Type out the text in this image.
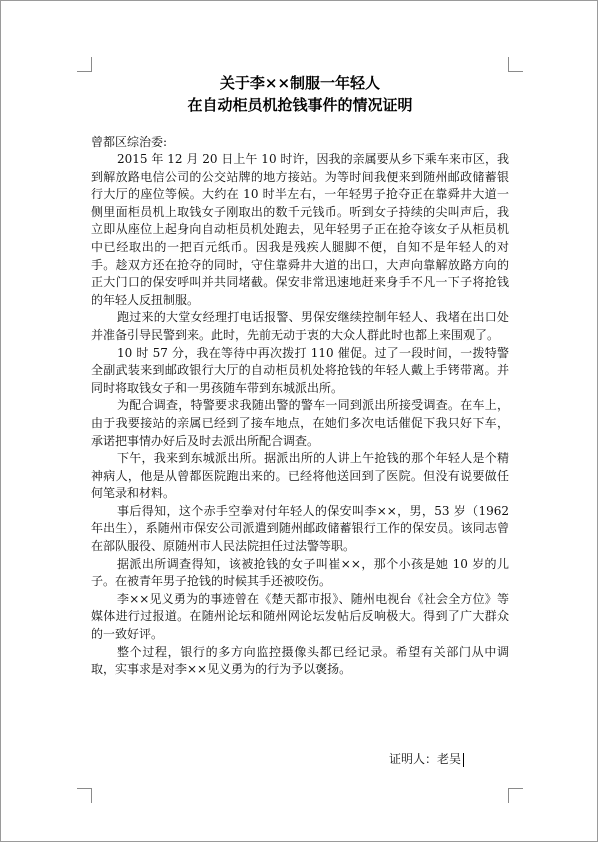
关于李××制服一年轻人
在自动柜员机抢钱事件的情况证明
曾都区综治委:

2015 年 12 月 20 日上午 10 时许，因我的亲属要从乡下乘车来市区，我到解放路电信公司的公交站牌的地方接站。为等时间我便来到随州邮政储蓄银行大厅的座位等候。大约在 10 时半左右，一年轻男子抢夺正在靠舜井大道一侧里面柜员机上取钱女子刚取出的数千元钱币。听到女子持续的尖叫声后，我立即从座位上起身向自动柜员机处跑去，见年轻男子正在抢夺该女子从柜员机中已经取出的一把百元纸币。因我是残疾人腿脚不便，自知不是年轻人的对手。趁双方还在抢夺的同时，守住靠舜井大道的出口，大声向靠解放路方向的正大门口的保安呼叫并共同堵截。保安非常迅速地赶来身手不凡一下子将抢钱的年轻人反扭制服。

跑过来的大堂女经理打电话报警、男保安继续控制年轻人、我堵在出口处并准备引导民警到来。此时，先前无动于衷的大众人群此时也都上来围观了。

10 时 57 分，我在等待中再次拨打 110 催促。过了一段时间，一拨特警全副武装来到邮政银行大厅的自动柜员机处将抢钱的年轻人戴上手铐带离。并同时将取钱女子和一男孩随车带到东城派出所。

为配合调查，特警要求我随出警的警车一同到派出所接受调查。在车上，由于我要接站的亲属已经到了接车地点，在她们多次电话催促下我只好下车，承诺把事情办好后及时去派出所配合调查。

下午，我来到东城派出所。据派出所的人讲上午抢钱的那个年轻人是个精神病人，他是从曾都医院跑出来的。已经将他送回到了医院。但没有说要做任何笔录和材料。

事后得知，这个赤手空拳对付年轻人的保安叫李××，男，53 岁（1962 年出生），系随州市保安公司派遣到随州邮政储蓄银行工作的保安员。该同志曾在部队服役、原随州市人民法院担任过法警等职。

据派出所调查得知，该被抢钱的女子叫崔××，那个小孩是她 10 岁的儿子。在被青年男子抢钱的时候其手还被咬伤。

李××见义勇为的事迹曾在《楚天都市报》、随州电视台《社会全方位》等媒体进行过报道。在随州论坛和随州网论坛发帖后反响极大。得到了广大群众的一致好评。

整个过程，银行的多方向监控摄像头都已经记录。希望有关部门从中调取，实事求是对李××见义勇为的行为予以褒扬。

证明人：老吴
